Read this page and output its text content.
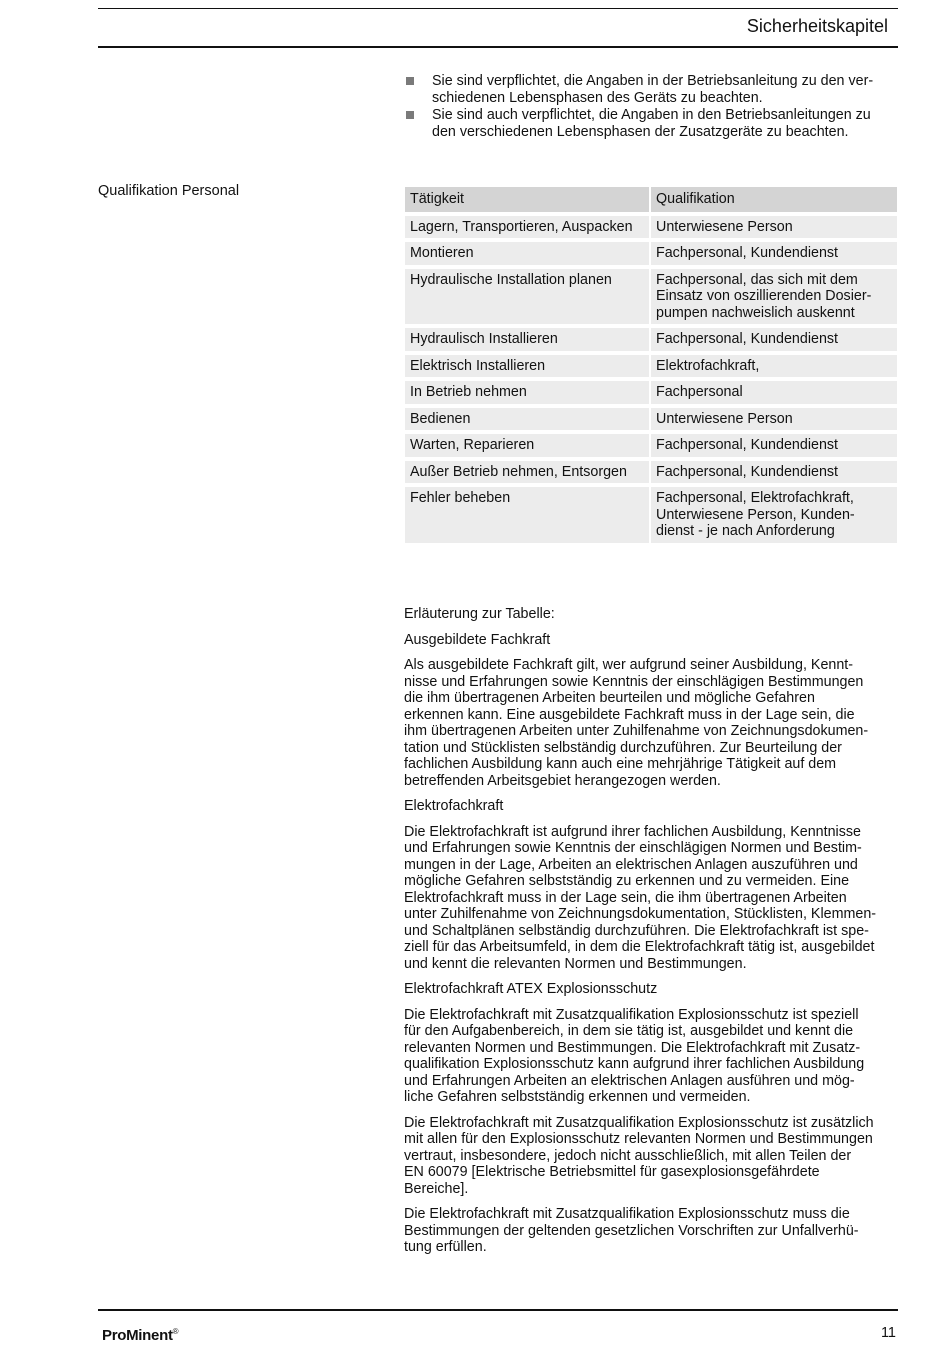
Sicherheitskapitel
Sie sind verpflichtet, die Angaben in der Betriebsanleitung zu den ver-
schiedenen Lebensphasen des Geräts zu beachten.
Sie sind auch verpflichtet, die Angaben in den Betriebsanleitungen zu
den verschiedenen Lebensphasen der Zusatzgeräte zu beachten.
Qualifikation Personal	Tätigkeit	Qualifikation
Lagern, Transportieren, Auspacken	Unterwiesene Person
Montieren	Fachpersonal, Kundendienst
Hydraulische Installation planen	Fachpersonal, das sich mit dem
Einsatz von oszillierenden Dosier-
pumpen nachweislich auskennt
Hydraulisch Installieren	Fachpersonal, Kundendienst
Elektrisch Installieren	Elektrofachkraft,
In Betrieb nehmen	Fachpersonal
Bedienen	Unterwiesene Person
Warten, Reparieren	Fachpersonal, Kundendienst
Außer Betrieb nehmen, Entsorgen	Fachpersonal, Kundendienst
Fehler beheben	Fachpersonal, Elektrofachkraft,
Unterwiesene Person, Kunden-
dienst - je nach Anforderung
Erläuterung zur Tabelle:
Ausgebildete Fachkraft

Als ausgebildete Fachkraft gilt, wer aufgrund seiner Ausbildung, Kennt-
nisse und Erfahrungen sowie Kenntnis der einschlägigen Bestimmungen
die ihm übertragenen Arbeiten beurteilen und mögliche Gefahren
erkennen kann. Eine ausgebildete Fachkraft muss in der Lage sein, die
ihm übertragenen Arbeiten unter Zuhilfenahme von Zeichnungsdokumen-
tation und Stücklisten selbständig durchzuführen. Zur Beurteilung der
fachlichen Ausbildung kann auch eine mehrjährige Tätigkeit auf dem
betreffenden Arbeitsgebiet herangezogen werden.

Elektrofachkraft

Die Elektrofachkraft ist aufgrund ihrer fachlichen Ausbildung, Kenntnisse
und Erfahrungen sowie Kenntnis der einschlägigen Normen und Bestim-
mungen in der Lage, Arbeiten an elektrischen Anlagen auszuführen und
mögliche Gefahren selbstständig zu erkennen und zu vermeiden. Eine
Elektrofachkraft muss in der Lage sein, die ihm übertragenen Arbeiten
unter Zuhilfenahme von Zeichnungsdokumentation, Stücklisten, Klemmen-
und Schaltplänen selbständig durchzuführen. Die Elektrofachkraft ist spe-
ziell für das Arbeitsumfeld, in dem die Elektrofachkraft tätig ist, ausgebildet
und kennt die relevanten Normen und Bestimmungen.

Elektrofachkraft ATEX Explosionsschutz

Die Elektrofachkraft mit Zusatzqualifikation Explosionsschutz ist speziell
für den Aufgabenbereich, in dem sie tätig ist, ausgebildet und kennt die
relevanten Normen und Bestimmungen. Die Elektrofachkraft mit Zusatz-
qualifikation Explosionsschutz kann aufgrund ihrer fachlichen Ausbildung
und Erfahrungen Arbeiten an elektrischen Anlagen ausführen und mög-
liche Gefahren selbstständig erkennen und vermeiden.

Die Elektrofachkraft mit Zusatzqualifikation Explosionsschutz ist zusätzlich
mit allen für den Explosionsschutz relevanten Normen und Bestimmungen
vertraut, insbesondere, jedoch nicht ausschließlich, mit allen Teilen der
EN 60079 [Elektrische Betriebsmittel für gasexplosionsgefährdete
Bereiche].

Die Elektrofachkraft mit Zusatzqualifikation Explosionsschutz muss die
Bestimmungen der geltenden gesetzlichen Vorschriften zur Unfallverhü-
tung erfüllen.

ProMinent®	11
